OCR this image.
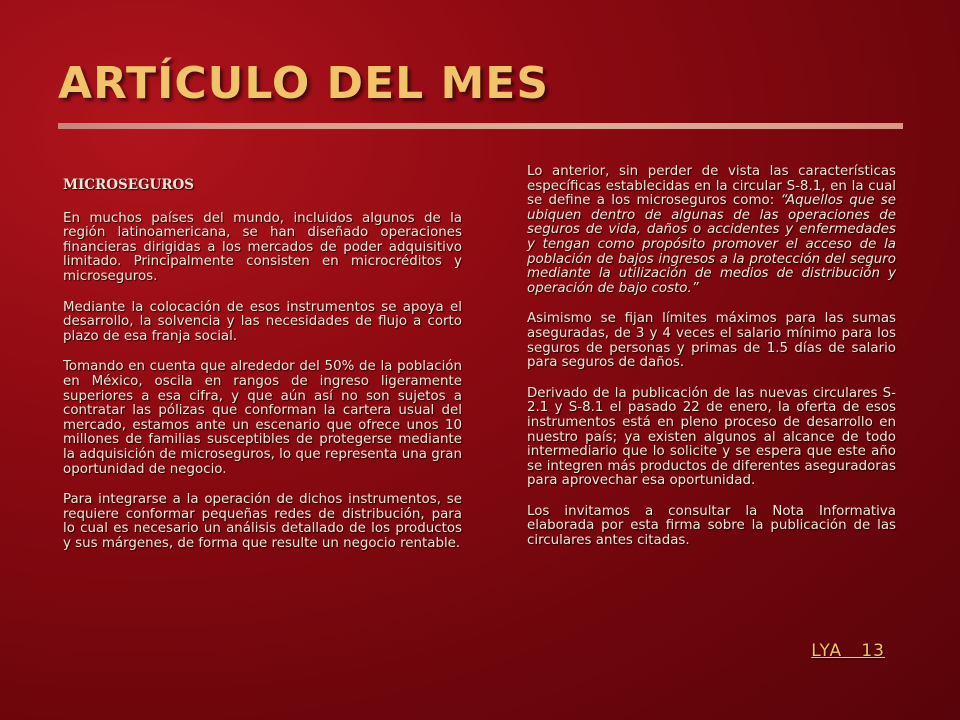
ARTÍCULO DEL MES

MICROSEGUROS

En muchos países del mundo, incluidos algunos de la región latinoamericana, se han diseñado operaciones financieras dirigidas a los mercados de poder adquisitivo limitado. Principalmente consisten en microcréditos y microseguros.

Mediante la colocación de esos instrumentos se apoya el desarrollo, la solvencia y las necesidades de flujo a corto plazo de esa franja social.

Tomando en cuenta que alrededor del 50% de la población en México, oscila en rangos de ingreso ligeramente superiores a esa cifra, y que aún así no son sujetos a contratar las pólizas que conforman la cartera usual del mercado, estamos ante un escenario que ofrece unos 10 millones de familias susceptibles de protegerse mediante la adquisición de microseguros, lo que representa una gran oportunidad de negocio.

Para integrarse a la operación de dichos instrumentos, se requiere conformar pequeñas redes de distribución, para lo cual es necesario un análisis detallado de los productos y sus márgenes, de forma que resulte un negocio rentable.

Lo anterior, sin perder de vista las características específicas establecidas en la circular S-8.1, en la cual se define a los microseguros como: “Aquellos que se ubiquen dentro de algunas de las operaciones de seguros de vida, daños o accidentes y enfermedades y tengan como propósito promover el acceso de la población de bajos ingresos a la protección del seguro mediante la utilización de medios de distribución y operación de bajo costo.”

Asimismo se fijan límites máximos para las sumas aseguradas, de 3 y 4 veces el salario mínimo para los seguros de personas y primas de 1.5 días de salario para seguros de daños.

Derivado de la publicación de las nuevas circulares S-2.1 y S-8.1 el pasado 22 de enero, la oferta de esos instrumentos está en pleno proceso de desarrollo en nuestro país; ya existen algunos al alcance de todo intermediario que lo solicite y se espera que este año se integren más productos de diferentes aseguradoras para aprovechar esa oportunidad.

Los invitamos a consultar la Nota Informativa elaborada por esta firma sobre la publicación de las circulares antes citadas.

LYA   13
